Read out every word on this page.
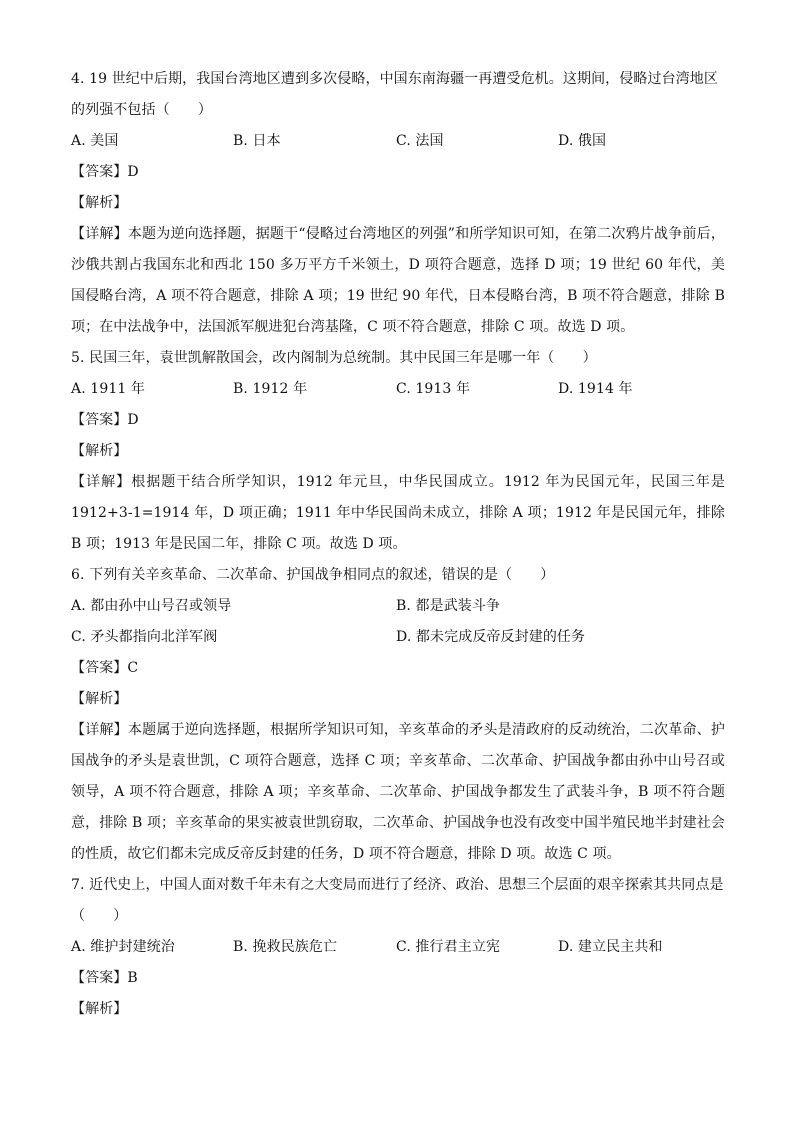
4. 19 世纪中后期，我国台湾地区遭到多次侵略，中国东南海疆一再遭受危机。这期间，侵略过台湾地区的列强不包括（　　）

A. 美国	B. 日本	C. 法国	D. 俄国

【答案】D

【解析】

【详解】本题为逆向选择题，据题干“侵略过台湾地区的列强”和所学知识可知，在第二次鸦片战争前后，沙俄共割占我国东北和西北 150 多万平方千米领土，D 项符合题意，选择 D 项；19 世纪 60 年代，美国侵略台湾，A 项不符合题意，排除 A 项；19 世纪 90 年代，日本侵略台湾，B 项不符合题意，排除 B 项；在中法战争中，法国派军舰进犯台湾基隆，C 项不符合题意，排除 C 项。故选 D 项。

5. 民国三年，袁世凯解散国会，改内阁制为总统制。其中民国三年是哪一年（　　）

A. 1911 年	B. 1912 年	C. 1913 年	D. 1914 年

【答案】D

【解析】

【详解】根据题干结合所学知识，1912 年元旦，中华民国成立。1912 年为民国元年，民国三年是 1912+3-1=1914 年，D 项正确；1911 年中华民国尚未成立，排除 A 项；1912 年是民国元年，排除 B 项；1913 年是民国二年，排除 C 项。故选 D 项。

6. 下列有关辛亥革命、二次革命、护国战争相同点的叙述，错误的是（　　）

A. 都由孙中山号召或领导	B. 都是武装斗争
C. 矛头都指向北洋军阀	D. 都未完成反帝反封建的任务

【答案】C

【解析】

【详解】本题属于逆向选择题，根据所学知识可知，辛亥革命的矛头是清政府的反动统治，二次革命、护国战争的矛头是袁世凯，C 项符合题意，选择 C 项；辛亥革命、二次革命、护国战争都由孙中山号召或领导，A 项不符合题意，排除 A 项；辛亥革命、二次革命、护国战争都发生了武装斗争，B 项不符合题意，排除 B 项；辛亥革命的果实被袁世凯窃取，二次革命、护国战争也没有改变中国半殖民地半封建社会的性质，故它们都未完成反帝反封建的任务，D 项不符合题意，排除 D 项。故选 C 项。

7. 近代史上，中国人面对数千年未有之大变局而进行了经济、政治、思想三个层面的艰辛探索其共同点是（　　）

A. 维护封建统治	B. 挽救民族危亡	C. 推行君主立宪	D. 建立民主共和

【答案】B

【解析】
